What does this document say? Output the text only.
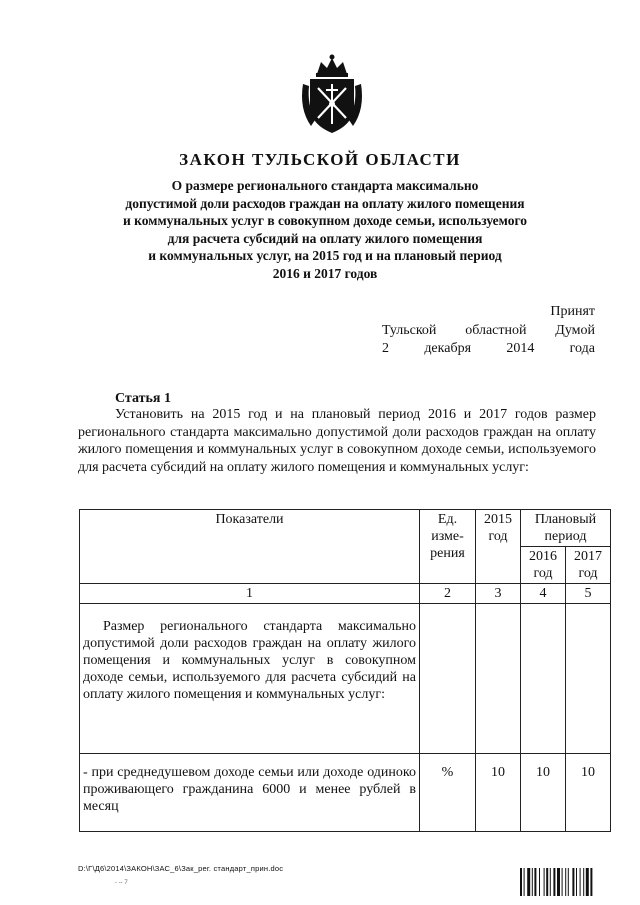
ЗАКОН ТУЛЬСКОЙ ОБЛАСТИ
О размере регионального стандарта максимально
допустимой доли расходов граждан на оплату жилого помещения
и коммунальных услуг в совокупном доходе семьи, используемого
для расчета субсидий на оплату жилого помещения
и коммунальных услуг, на 2015 год и на плановый период
2016 и 2017 годов
Принят
Тульской областной Думой
2	декабря	2014	года
Статья 1
Установить на 2015 год и на плановый период 2016 и 2017 годов размер регионального стандарта максимально допустимой доли расходов граждан на оплату жилого помещения и коммунальных услуг в совокупном доходе семьи, используемого для расчета субсидий на оплату жилого помещения и коммунальных услуг:
Показатели	Ед. изме-рения	2015 год	Плановый период	
			2016 год	2017 год
1	2	3	4	5
Размер регионального стандарта максимально допустимой доли расходов граждан на оплату жилого помещения и коммунальных услуг в совокупном доходе семьи, используемого для расчета субсидий на оплату жилого помещения и коммунальных услуг:				
- при среднедушевом доходе семьи или доходе одиноко проживающего гражданина 6000 и менее рублей в месяц	%	10	10	10
D:\Г\Д6\2014\ЗАКОН\ЗАС_6\Зак_рег. стандарт_прин.doc
- -- 7
